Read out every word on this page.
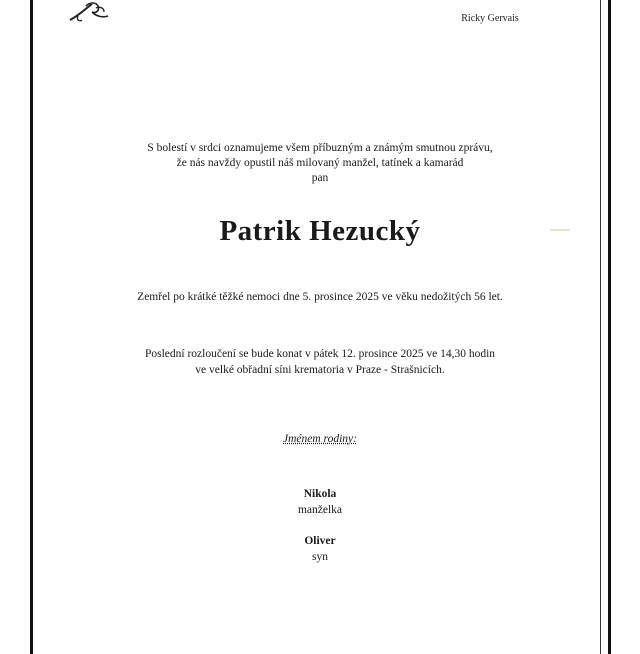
Ricky Gervais
S bolestí v srdci oznamujeme všem příbuzným a známým smutnou zprávu,
že nás navždy opustil náš milovaný manžel, tatínek a kamarád
pan
Patrik Hezucký
Zemřel po krátké těžké nemoci dne 5. prosince 2025 ve věku nedožitých 56 let.
Poslední rozloučení se bude konat v pátek 12. prosince 2025 ve 14,30 hodin
ve velké obřadní síni krematoria v Praze - Strašnicích.
Jménem rodiny:
Nikola
manželka
Oliver
syn
